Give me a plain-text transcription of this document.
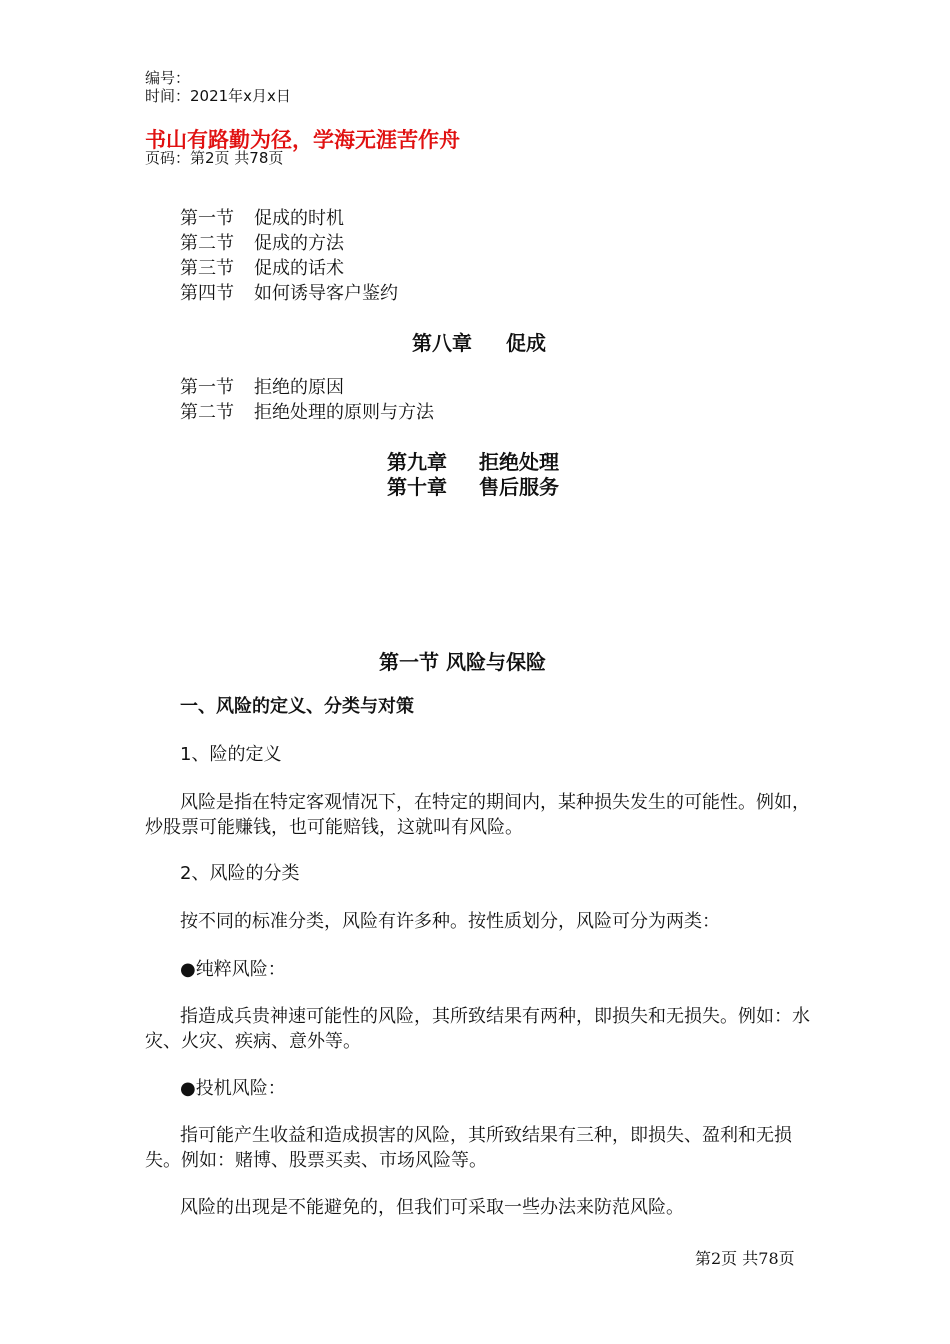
编号：
时间：2021年x月x日
书山有路勤为径，学海无涯苦作舟
页码：第2页 共78页
第一节 促成的时机
第二节 促成的方法
第三节 促成的话术
第四节 如何诱导客户鉴约
第八章 促成
第一节 拒绝的原因
第二节 拒绝处理的原则与方法
第九章 拒绝处理
第十章 售后服务
第一节 风险与保险
一、风险的定义、分类与对策
1、险的定义
风险是指在特定客观情况下，在特定的期间内，某种损失发生的可能性。例如，炒股票可能赚钱，也可能赔钱，这就叫有风险。
2、风险的分类
按不同的标准分类，风险有许多种。按性质划分，风险可分为两类：
●纯粹风险：
指造成兵贵神速可能性的风险，其所致结果有两种，即损失和无损失。例如：水灾、火灾、疾病、意外等。
●投机风险：
指可能产生收益和造成损害的风险，其所致结果有三种，即损失、盈利和无损失。例如：赌博、股票买卖、市场风险等。
风险的出现是不能避免的，但我们可采取一些办法来防范风险。
第2页 共78页
